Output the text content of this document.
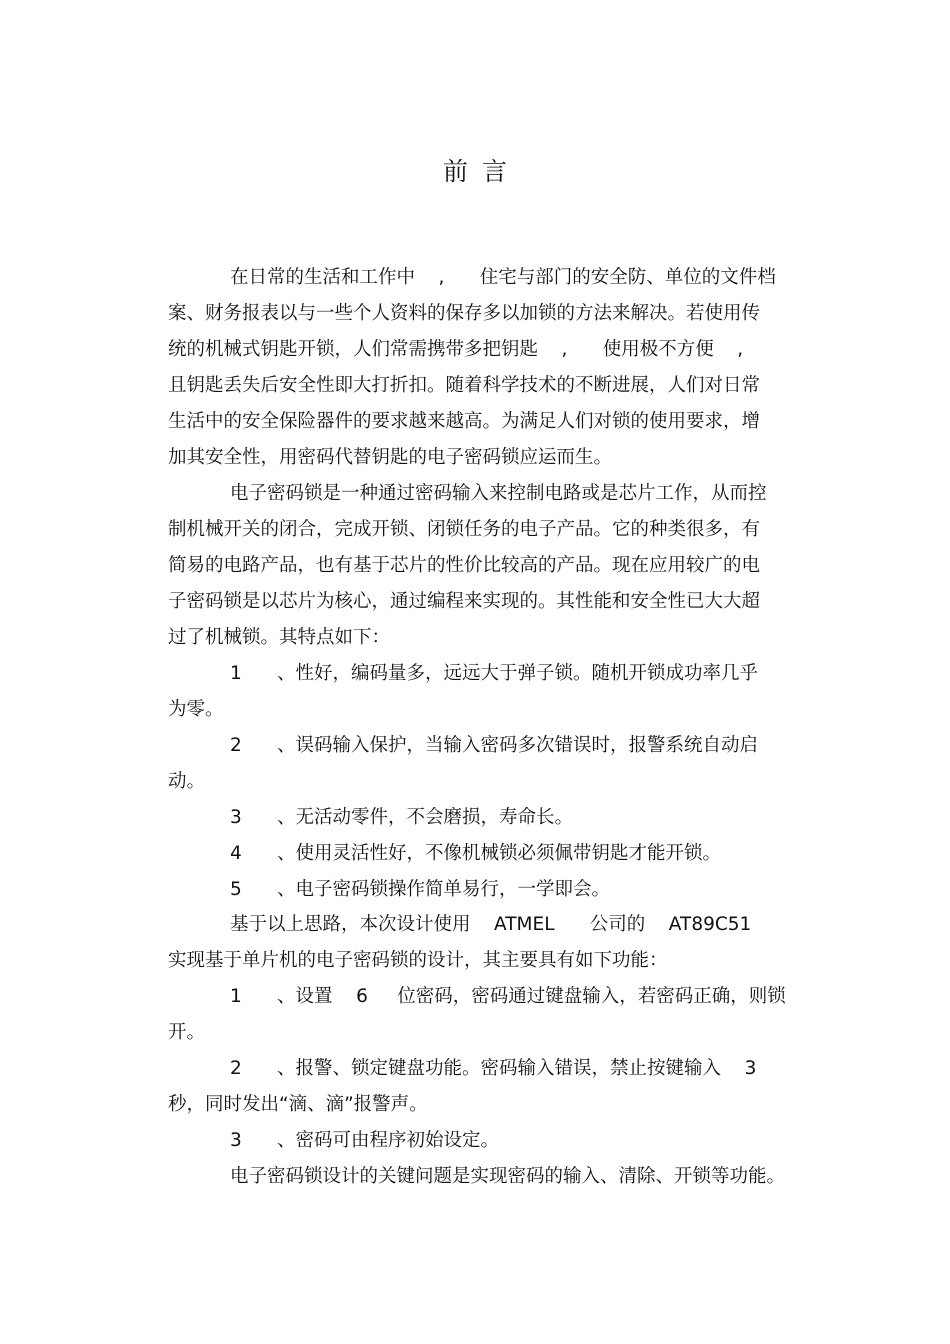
前 言
在日常的生活和工作中    ,      住宅与部门的安全防、单位的文件档
案、财务报表以与一些个人资料的保存多以加锁的方法来解决。若使用传
统的机械式钥匙开锁，人们常需携带多把钥匙    ,      使用极不方便    ,
且钥匙丢失后安全性即大打折扣。随着科学技术的不断进展，人们对日常
生活中的安全保险器件的要求越来越高。为满足人们对锁的使用要求，增
加其安全性，用密码代替钥匙的电子密码锁应运而生。
电子密码锁是一种通过密码输入来控制电路或是芯片工作，从而控
制机械开关的闭合，完成开锁、闭锁任务的电子产品。它的种类很多，有
简易的电路产品，也有基于芯片的性价比较高的产品。现在应用较广的电
子密码锁是以芯片为核心，通过编程来实现的。其性能和安全性已大大超
过了机械锁。其特点如下：
1      、性好，编码量多，远远大于弹子锁。随机开锁成功率几乎
为零。
2      、误码输入保护，当输入密码多次错误时，报警系统自动启
动。
3      、无活动零件，不会磨损，寿命长。
4      、使用灵活性好，不像机械锁必须佩带钥匙才能开锁。
5      、电子密码锁操作简单易行，一学即会。
基于以上思路，本次设计使用    ATMEL      公司的    AT89C51
实现基于单片机的电子密码锁的设计，其主要具有如下功能：
1      、设置    6     位密码，密码通过键盘输入，若密码正确，则锁
开。
2      、报警、锁定键盘功能。密码输入错误，禁止按键输入    3
秒，同时发出“滴、滴”报警声。
3      、密码可由程序初始设定。
电子密码锁设计的关键问题是实现密码的输入、清除、开锁等功能。
